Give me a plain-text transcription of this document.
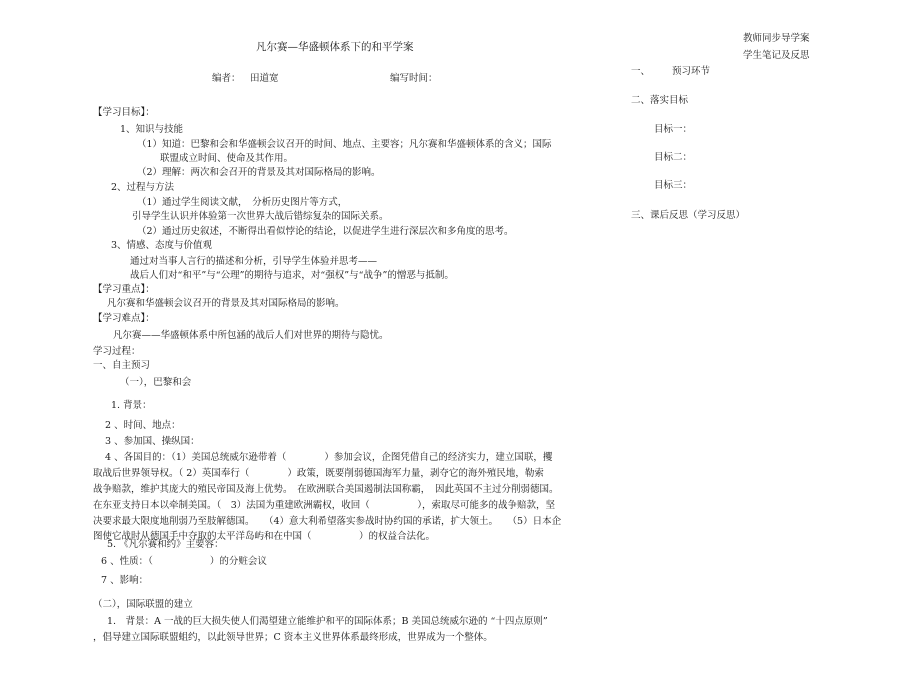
凡尔赛—华盛顿体系下的和平学案
编者： 田道宽	编写时间：
教师同步导学案
学生笔记及反思
一、 预习环节
二、落实目标
目标一：
目标二：
目标三：
三、课后反思（学习反思）
【学习目标】：
1、知识与技能
（1）知道：巴黎和会和华盛顿会议召开的时间、地点、主要容；凡尔赛和华盛顿体系的含义；国际
联盟成立时间、使命及其作用。
（2）理解：两次和会召开的背景及其对国际格局的影响。
2、过程与方法
（1）通过学生阅读文献，　分析历史图片等方式，
引导学生认识并体验第一次世界大战后错综复杂的国际关系。
（2）通过历史叙述，不断得出看似悖论的结论，以促进学生进行深层次和多角度的思考。
3、情感、态度与价值观
通过对当事人言行的描述和分析，引导学生体验并思考——
战后人们对“和平”与“公理”的期待与追求，对“强权”与“战争”的憎恶与抵制。
【学习重点】：
凡尔赛和华盛顿会议召开的背景及其对国际格局的影响。
【学习难点】：
凡尔赛——华盛顿体系中所包涵的战后人们对世界的期待与隐忧。
学习过程：
一、自主预习
（一），巴黎和会
1. 背景：
2 、时间、地点：
3 、参加国、操纵国：
4 、各国目的：（1）美国总统威尔逊带着（　　　　）参加会议，企图凭借自己的经济实力，建立国联，攫
取战后世界领导权。（ 2）英国奉行（　　　　）政策，既要削弱德国海军力量，剥夺它的海外殖民地，勒索
战争赔款，维护其庞大的殖民帝国及海上优势。　在欧洲联合美国遏制法国称霸，　因此英国不主过分削弱德国。
在东亚支持日本以牵制美国。（　3）法国为重建欧洲霸权，收回（　　　　　），索取尽可能多的战争赔款，坚
决要求最大限度地削弱乃至肢解德国。　　（4）意大利希望落实参战时协约国的承诺，扩大领土。　　（5）日本企
图使它战时从德国手中夺取的太平洋岛屿和在中国（　　　　　）的权益合法化。
5. 《凡尔赛和约》主要容：
6 、性质：（　　　　　　）的分赃会议
7 、影响：
（二），国际联盟的建立
1.　背景：A 一战的巨大损失使人们渴望建立能维护和平的国际体系；B 美国总统威尔逊的 “十四点原则”
，倡导建立国际联盟蛆约，以此领导世界；C 资本主义世界体系最终形成，世界成为一个整体。
